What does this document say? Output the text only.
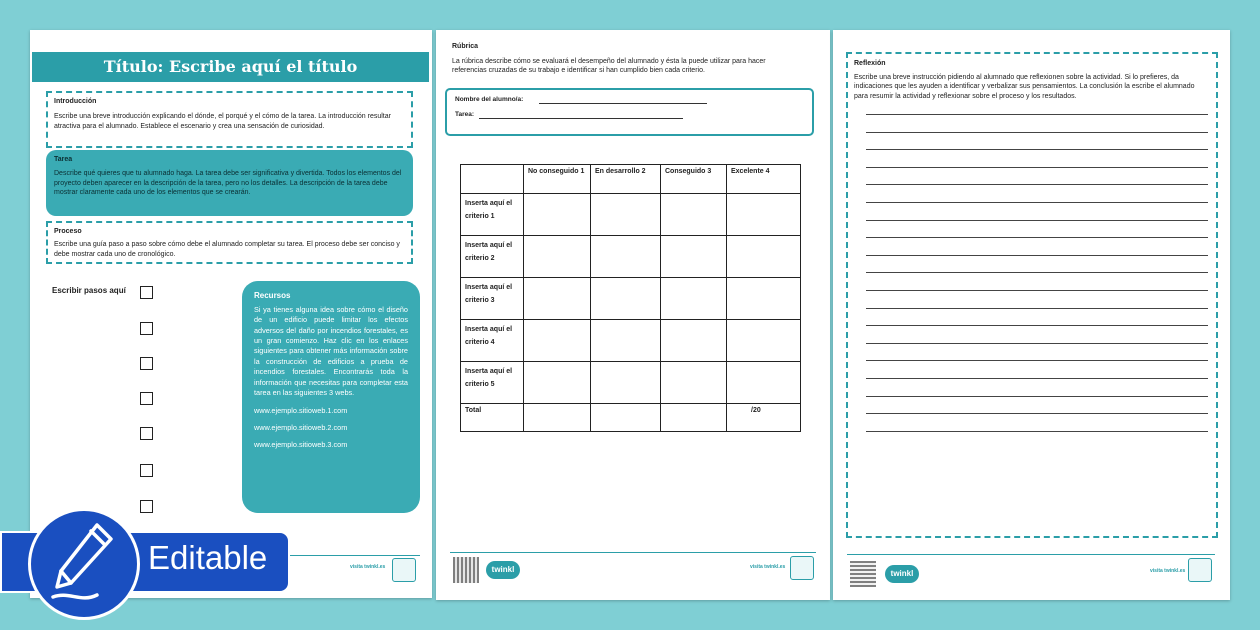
Título: Escribe aquí el título
Introducción
Escribe una breve introducción explicando el dónde, el porqué y el cómo de la tarea. La introducción resultar atractiva para el alumnado. Establece el escenario y crea una sensación de curiosidad.
Tarea
Describe qué quieres que tu alumnado haga. La tarea debe ser significativa y divertida. Todos los elementos del proyecto deben aparecer en la descripción de la tarea, pero no los detalles. La descripción de la tarea debe mostrar claramente cada uno de los elementos que se crearán.
Proceso
Escribe una guía paso a paso sobre cómo debe el alumnado completar su tarea. El proceso debe ser conciso y debe mostrar cada uno de cronológico.
Escribir pasos aquí
Recursos
Si ya tienes alguna idea sobre cómo el diseño de un edificio puede limitar los efectos adversos del daño por incendios forestales, es un gran comienzo. Haz clic en los enlaces siguientes para obtener más información sobre la construcción de edificios a prueba de incendios forestales. Encontrarás toda la información que necesitas para completar esta tarea en las siguientes 3 webs.
www.ejemplo.sitioweb.1.com
www.ejemplo.sitioweb.2.com
www.ejemplo.sitioweb.3.com
visita twinkl.es
Rúbrica
La rúbrica describe cómo se evaluará el desempeño del alumnado y ésta la puede utilizar para hacer referencias cruzadas de su trabajo e identificar si han cumplido bien cada criterio.
Nombre del alumno/a:
Tarea:
	No conseguido 1	En desarrollo 2	Conseguido 3	Excelente 4
Inserta aquí el criterio 1				
Inserta aquí el criterio 2				
Inserta aquí el criterio 3				
Inserta aquí el criterio 4				
Inserta aquí el criterio 5				
Total				/20
twinkl	visita twinkl.es
Reflexión
Escribe una breve instrucción pidiendo al alumnado que reflexionen sobre la actividad. Si lo prefieres, da indicaciones que les ayuden a identificar y verbalizar sus pensamientos. La conclusión la escribe el alumnado para resumir la actividad y reflexionar sobre el proceso y los resultados.
twinkl	visita twinkl.es
Editable
